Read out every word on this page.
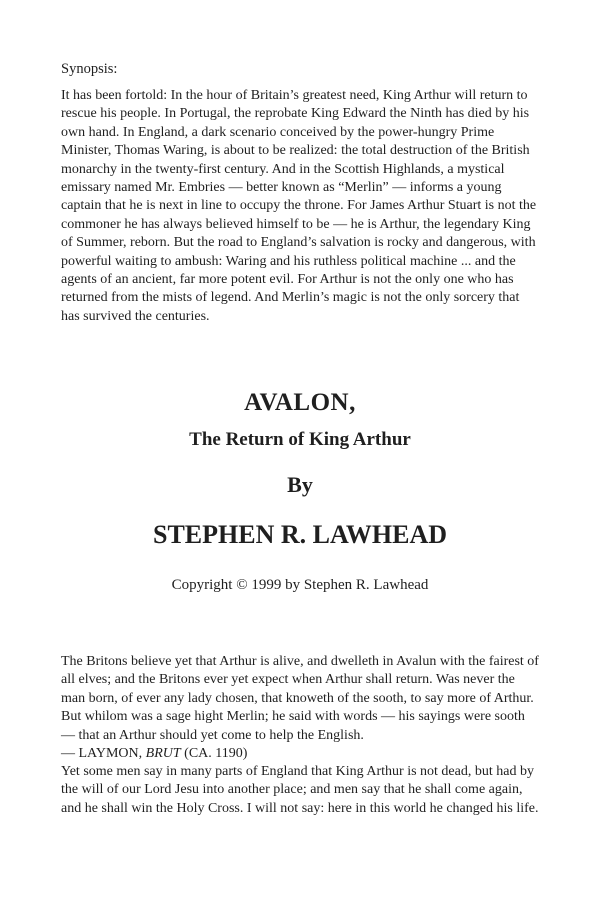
Synopsis:
It has been fortold: In the hour of Britain’s greatest need, King Arthur will return to rescue his people. In Portugal, the reprobate King Edward the Ninth has died by his own hand. In England, a dark scenario conceived by the power-hungry Prime Minister, Thomas Waring, is about to be realized: the total destruction of the British monarchy in the twenty-first century. And in the Scottish Highlands, a mystical emissary named Mr. Embries — better known as “Merlin” — informs a young captain that he is next in line to occupy the throne. For James Arthur Stuart is not the commoner he has always believed himself to be — he is Arthur, the legendary King of Summer, reborn. But the road to England’s salvation is rocky and dangerous, with powerful waiting to ambush: Waring and his ruthless political machine ... and the agents of an ancient, far more potent evil. For Arthur is not the only one who has returned from the mists of legend. And Merlin’s magic is not the only sorcery that has survived the centuries.
AVALON,
The Return of King Arthur
By
STEPHEN R. LAWHEAD
Copyright © 1999 by Stephen R. Lawhead
The Britons believe yet that Arthur is alive, and dwelleth in Avalun with the fairest of all elves; and the Britons ever yet expect when Arthur shall return. Was never the man born, of ever any lady chosen, that knoweth of the sooth, to say more of Arthur. But whilom was a sage hight Merlin; he said with words — his sayings were sooth — that an Arthur should yet come to help the English.
— LAYMON, BRUT (CA. 1190)
Yet some men say in many parts of England that King Arthur is not dead, but had by the will of our Lord Jesu into another place; and men say that he shall come again, and he shall win the Holy Cross. I will not say: here in this world he changed his life.
